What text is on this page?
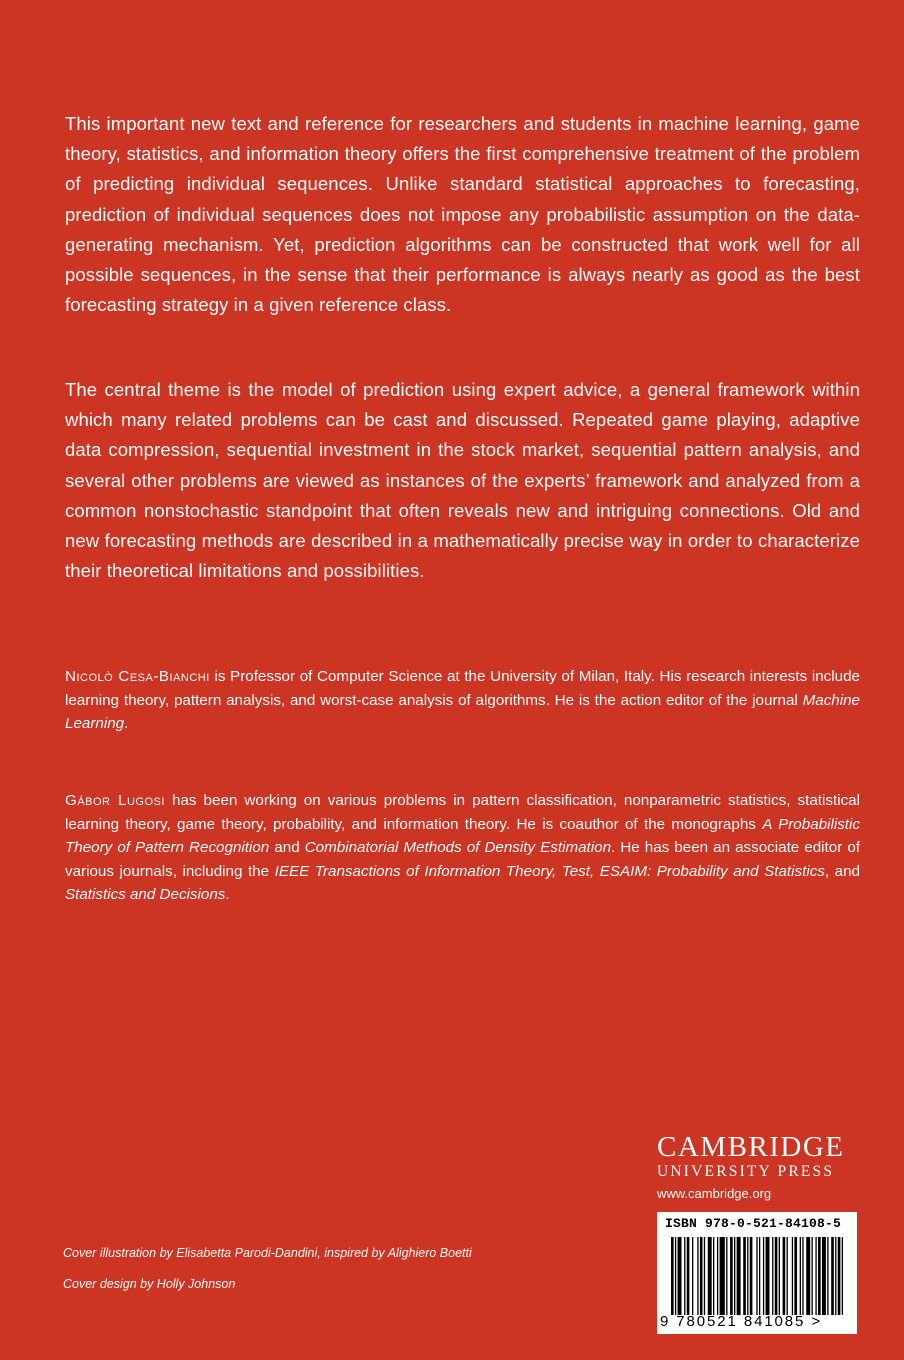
This important new text and reference for researchers and students in machine learning, game theory, statistics, and information theory offers the first comprehensive treatment of the problem of predicting individual sequences. Unlike standard statistical approaches to forecasting, prediction of individual sequences does not impose any probabilistic assumption on the data-generating mechanism. Yet, prediction algorithms can be constructed that work well for all possible sequences, in the sense that their performance is always nearly as good as the best forecasting strategy in a given reference class.

The central theme is the model of prediction using expert advice, a general framework within which many related problems can be cast and discussed. Repeated game playing, adaptive data compression, sequential investment in the stock market, sequential pattern analysis, and several other problems are viewed as instances of the experts’ framework and analyzed from a common nonstochastic standpoint that often reveals new and intriguing connections. Old and new forecasting methods are described in a mathematically precise way in order to characterize their theoretical limitations and possibilities.

Nicolò Cesa-Bianchi is Professor of Computer Science at the University of Milan, Italy. His research interests include learning theory, pattern analysis, and worst-case analysis of algorithms. He is the action editor of the journal Machine Learning.

Gábor Lugosi has been working on various problems in pattern classification, nonparametric statistics, statistical learning theory, game theory, probability, and information theory. He is coauthor of the monographs A Probabilistic Theory of Pattern Recognition and Combinatorial Methods of Density Estimation. He has been an associate editor of various journals, including the IEEE Transactions of Information Theory, Test, ESAIM: Probability and Statistics, and Statistics and Decisions.

CAMBRIDGE
UNIVERSITY PRESS
www.cambridge.org
Cover illustration by Elisabetta Parodi-Dandini, inspired by Alighiero Boetti
Cover design by Holly Johnson
ISBN 978-0-521-84108-5
9 780521 841085 >
